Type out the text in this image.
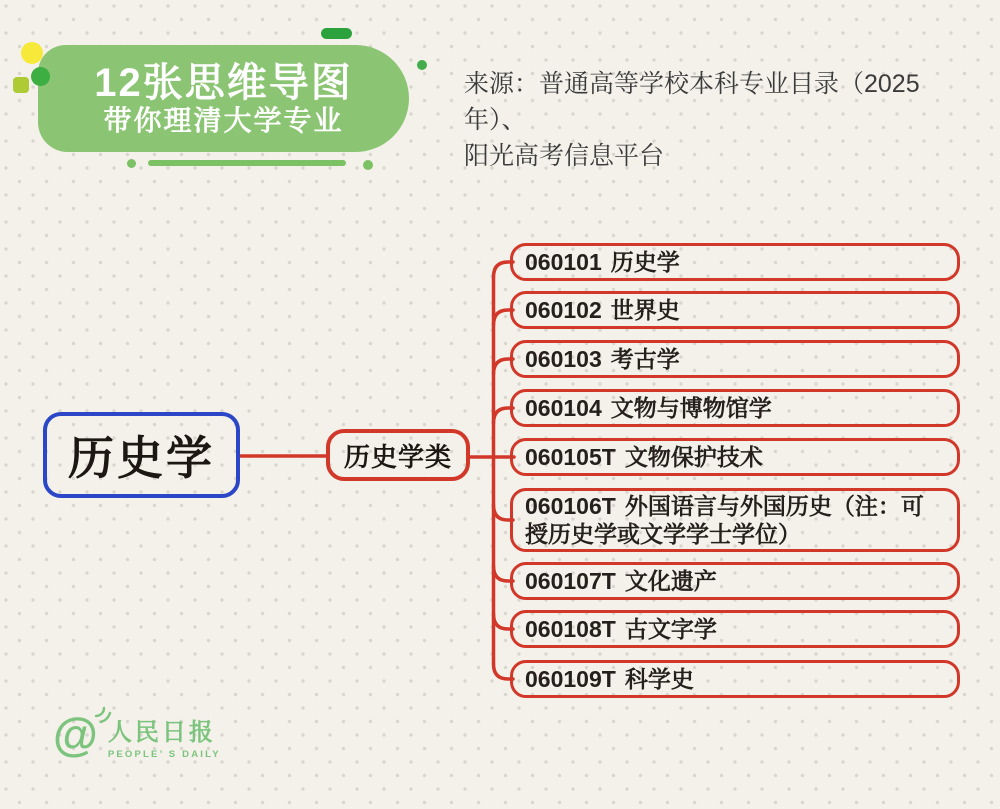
12张思维导图
带你理清大学专业
来源：普通高等学校本科专业目录（2025年）、
阳光高考信息平台
历史学	历史学类

060101 历史学

060102 世界史

060103 考古学

060104 文物与博物馆学

060105T 文物保护技术

060106T 外国语言与外国历史（注：可授历史学或文学学士学位）

060107T 文化遗产

060108T 古文字学

060109T 科学史

@ 人民日报
PEOPLE’ S DAILY
